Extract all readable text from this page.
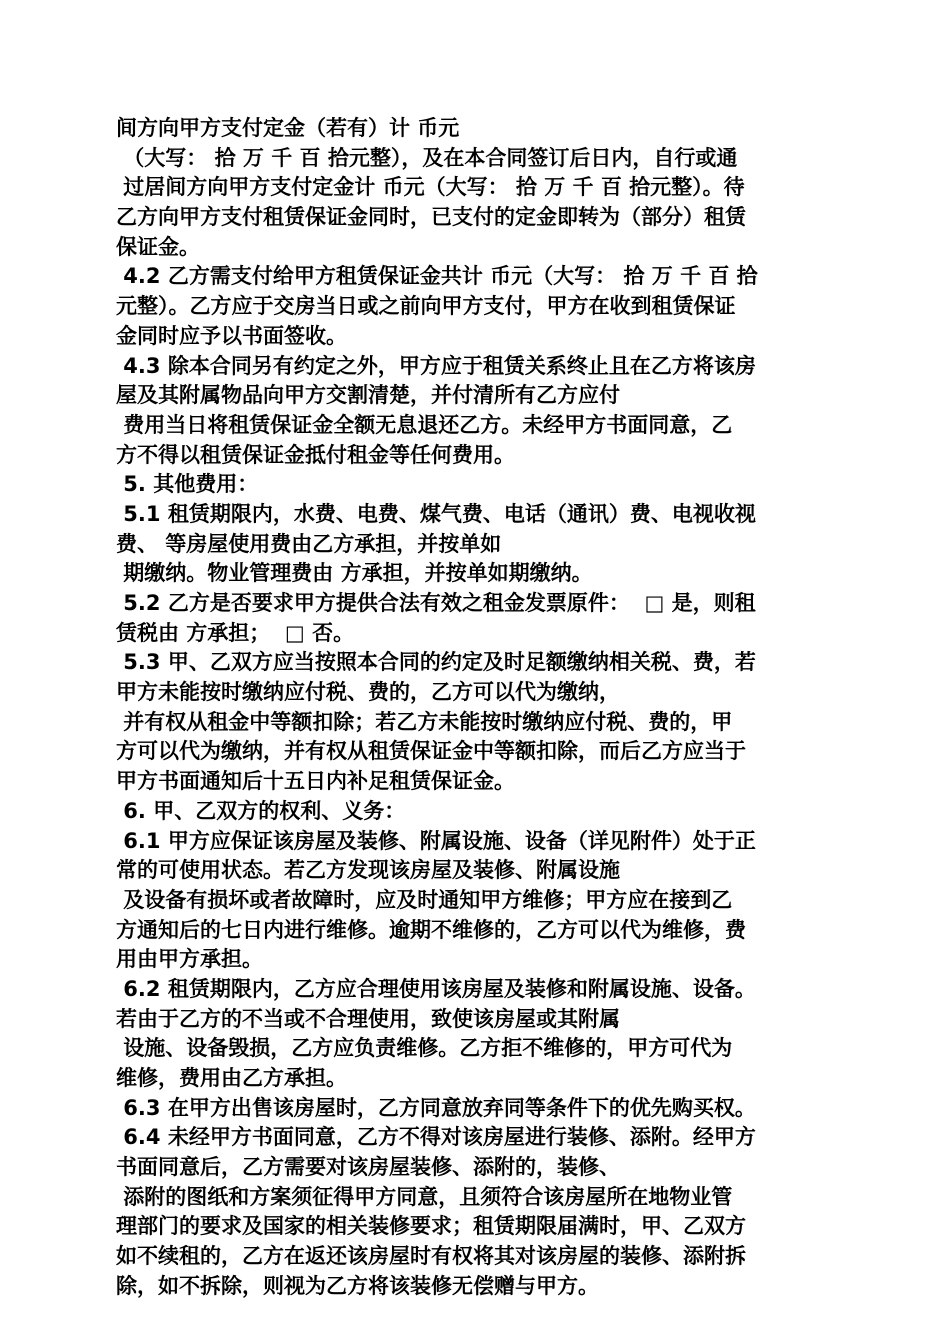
间方向甲方支付定金（若有）计 币元
（大写： 拾 万 千 百 拾元整），及在本合同签订后日内，自行或通
过居间方向甲方支付定金计 币元（大写： 拾 万 千 百 拾元整）。待
乙方向甲方支付租赁保证金同时，已支付的定金即转为（部分）租赁
保证金。
4.2 乙方需支付给甲方租赁保证金共计 币元（大写： 拾 万 千 百 拾
元整）。乙方应于交房当日或之前向甲方支付，甲方在收到租赁保证
金同时应予以书面签收。
4.3 除本合同另有约定之外，甲方应于租赁关系终止且在乙方将该房
屋及其附属物品向甲方交割清楚，并付清所有乙方应付
费用当日将租赁保证金全额无息退还乙方。未经甲方书面同意，乙
方不得以租赁保证金抵付租金等任何费用。
5. 其他费用：
5.1 租赁期限内，水费、电费、煤气费、电话（通讯）费、电视收视
费、 等房屋使用费由乙方承担，并按单如
期缴纳。物业管理费由 方承担，并按单如期缴纳。
5.2 乙方是否要求甲方提供合法有效之租金发票原件：  □ 是，则租
赁税由 方承担；  □ 否。
5.3 甲、乙双方应当按照本合同的约定及时足额缴纳相关税、费，若
甲方未能按时缴纳应付税、费的，乙方可以代为缴纳，
并有权从租金中等额扣除；若乙方未能按时缴纳应付税、费的，甲
方可以代为缴纳，并有权从租赁保证金中等额扣除，而后乙方应当于
甲方书面通知后十五日内补足租赁保证金。
6. 甲、乙双方的权利、义务：
6.1 甲方应保证该房屋及装修、附属设施、设备（详见附件）处于正
常的可使用状态。若乙方发现该房屋及装修、附属设施
及设备有损坏或者故障时，应及时通知甲方维修；甲方应在接到乙
方通知后的七日内进行维修。逾期不维修的，乙方可以代为维修，费
用由甲方承担。
6.2 租赁期限内，乙方应合理使用该房屋及装修和附属设施、设备。
若由于乙方的不当或不合理使用，致使该房屋或其附属
设施、设备毁损，乙方应负责维修。乙方拒不维修的，甲方可代为
维修，费用由乙方承担。
6.3 在甲方出售该房屋时，乙方同意放弃同等条件下的优先购买权。
6.4 未经甲方书面同意，乙方不得对该房屋进行装修、添附。经甲方
书面同意后，乙方需要对该房屋装修、添附的，装修、
添附的图纸和方案须征得甲方同意，且须符合该房屋所在地物业管
理部门的要求及国家的相关装修要求；租赁期限届满时，甲、乙双方
如不续租的，乙方在返还该房屋时有权将其对该房屋的装修、添附拆
除，如不拆除，则视为乙方将该装修无偿赠与甲方。
